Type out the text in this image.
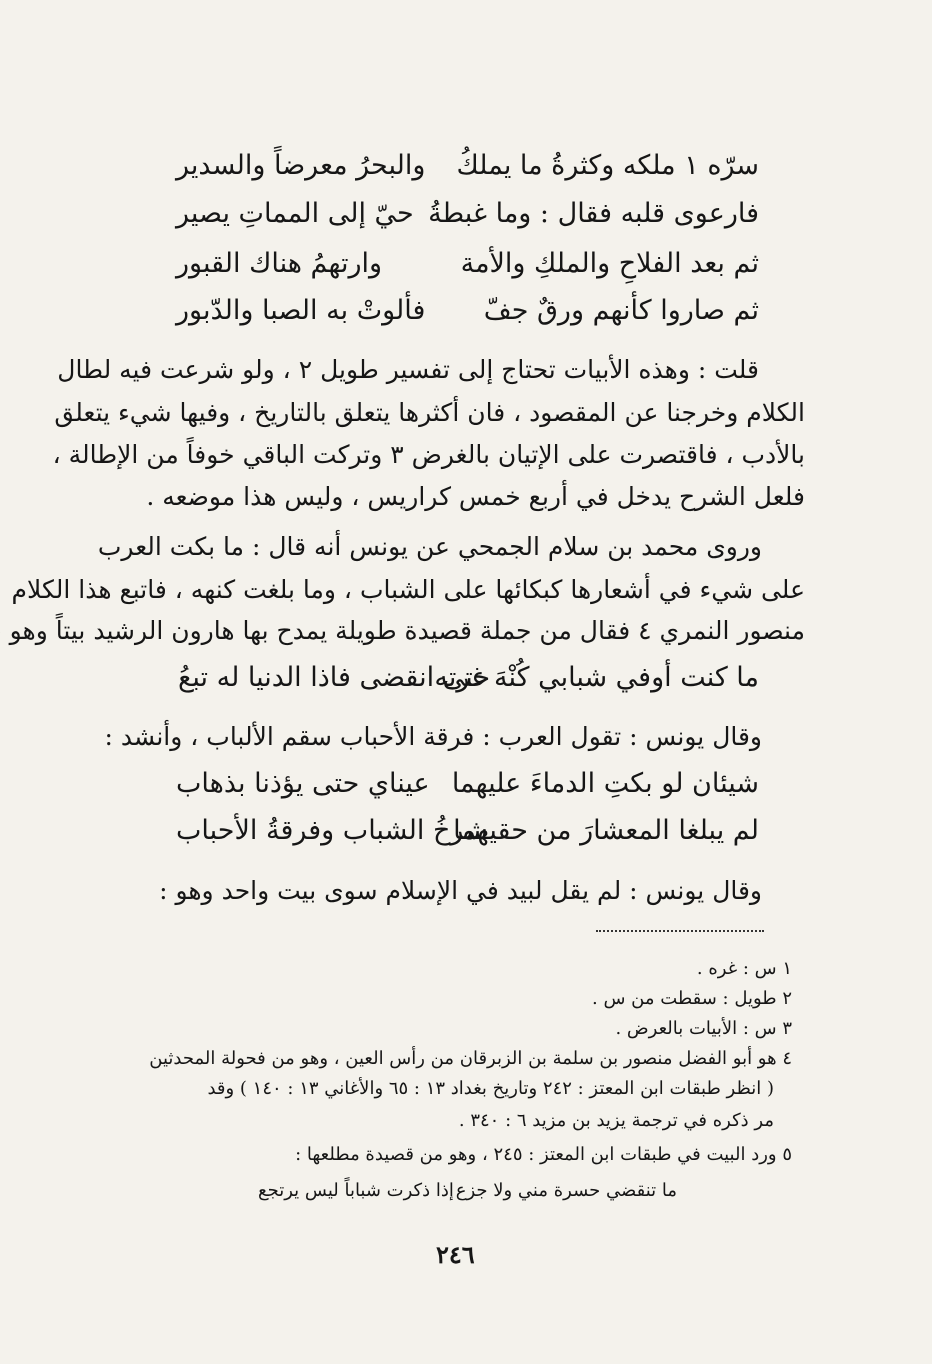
سرّه ١ ملكه وكثرةُ ما يملكُ
والبحرُ معرضاً والسدير
فارعوى قلبه فقال : وما غبطةُ
حيّ إلى المماتِ يصير
ثم بعد الفلاحِ والملكِ والأمة
وارتهمُ هناك القبور
ثم صاروا كأنهم ورقٌ جفّ
فألوتْ به الصبا والدّبور
قلت : وهذه الأبيات تحتاج إلى تفسير طويل ٢ ، ولو شرعت فيه لطال
الكلام وخرجنا عن المقصود ، فان أكثرها يتعلق بالتاريخ ، وفيها شيء يتعلق
بالأدب ، فاقتصرت على الإتيان بالغرض ٣ وتركت الباقي خوفاً من الإطالة ،
فلعل الشرح يدخل في أربع خمس كراريس ، وليس هذا موضعه .
وروى محمد بن سلام الجمحي عن يونس أنه قال : ما بكت العرب
على شيء في أشعارها كبكائها على الشباب ، وما بلغت كنهه ، فاتبع هذا الكلام
منصور النمري ٤ فقال من جملة قصيدة طويلة يمدح بها هارون الرشيد بيتاً وهو
ما كنت أوفي شبابي كُنْهَ غرته
حتى انقضى فاذا الدنيا له تبعُ
وقال يونس : تقول العرب : فرقة الأحباب سقم الألباب ، وأنشد :
شيئان لو بكتِ الدماءَ عليهما
عيناي حتى يؤذنا بذهاب
لم يبلغا المعشارَ من حقيهما
شرخُ الشباب وفرقةُ الأحباب
وقال يونس : لم يقل لبيد في الإسلام سوى بيت واحد وهو :
١ س : غره .
٢ طويل : سقطت من س .
٣ س : الأبيات بالعرض .
٤ هو أبو الفضل منصور بن سلمة بن الزبرقان من رأس العين ، وهو من فحولة المحدثين
( انظر طبقات ابن المعتز : ٢٤٢ وتاريخ بغداد ١٣ : ٦٥ والأغاني ١٣ : ١٤٠ ) وقد
مر ذكره في ترجمة يزيد بن مزيد ٦ : ٣٤٠ .
٥ ورد البيت في طبقات ابن المعتز : ٢٤٥ ، وهو من قصيدة مطلعها :
ما تنقضي حسرة مني ولا جزع
إذا ذكرت شباباً ليس يرتجع
٢٤٦
